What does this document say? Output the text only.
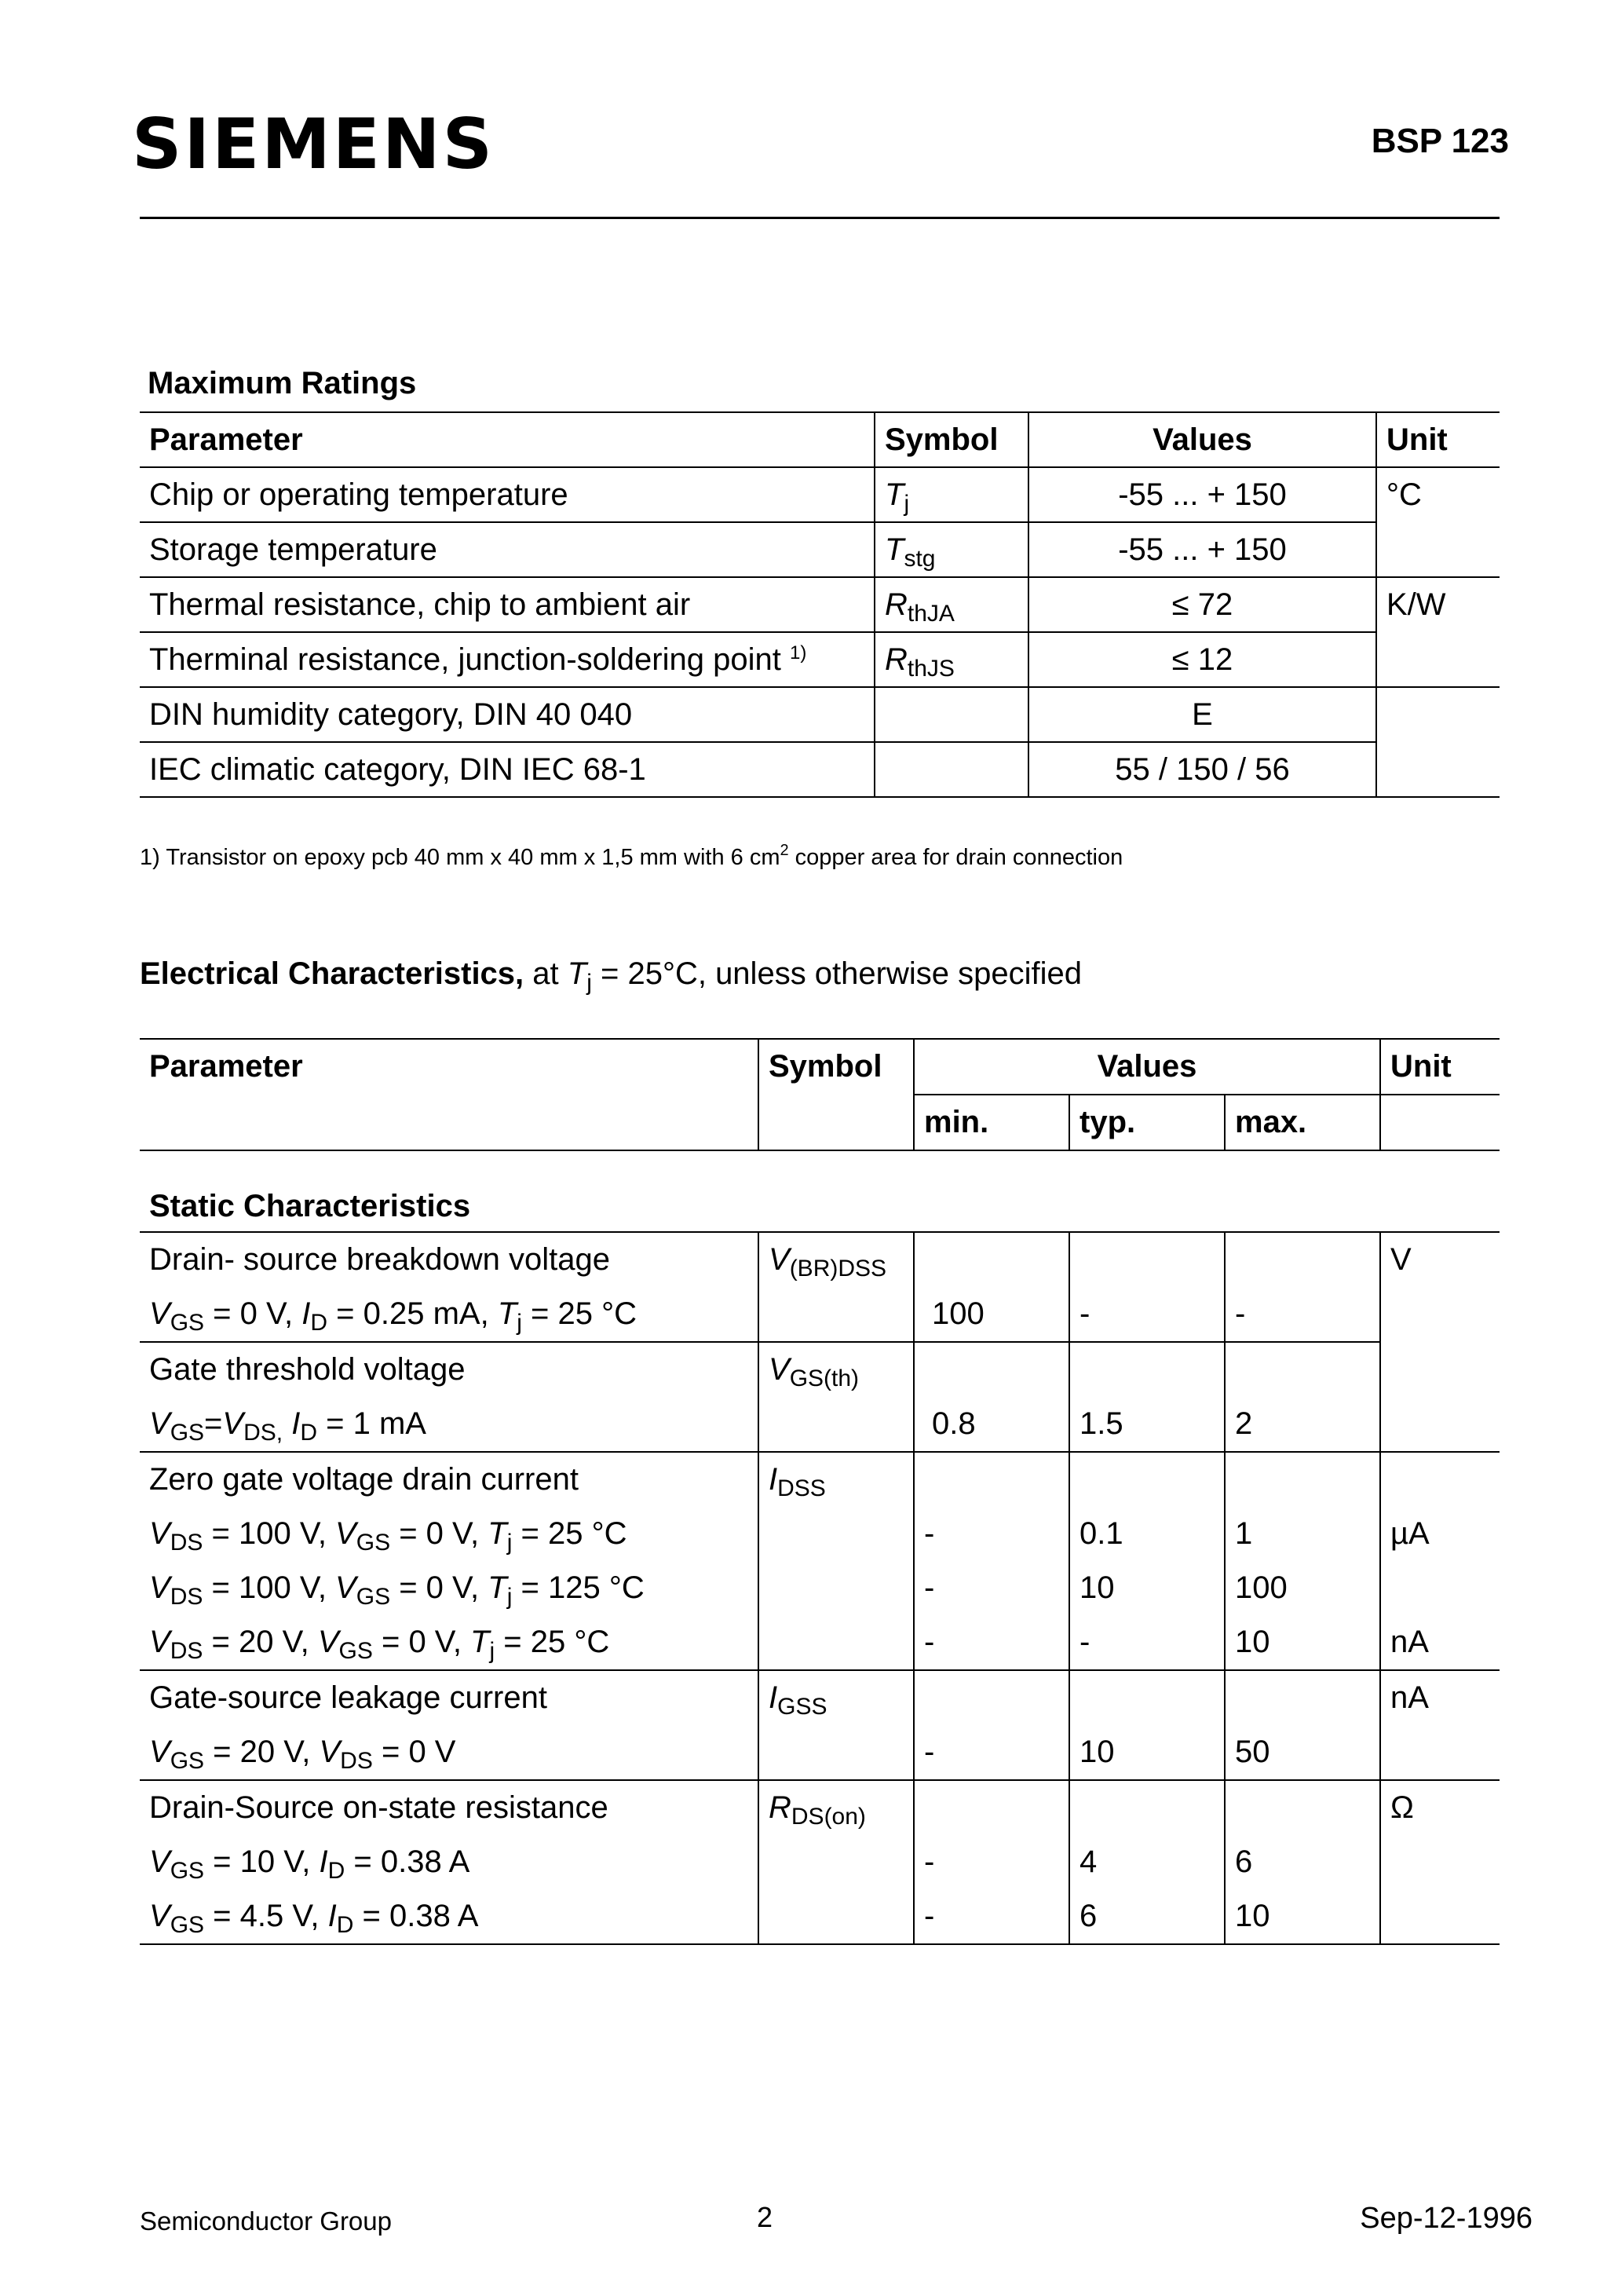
SIEMENS	BSP 123
Maximum Ratings
Parameter	Symbol	Values	Unit
Chip or operating temperature	$T_j$	-55 ... + 150	°C
Storage temperature	$T_{stg}$	-55 ... + 150	
Thermal resistance, chip to ambient air	$R_{thJA}$	≤ 72	K/W
Therminal resistance, junction-soldering point $^{1)}$	$R_{thJS}$	≤ 12	
DIN humidity category, DIN 40 040		E	
IEC climatic category, DIN IEC 68-1		55 / 150 / 56	
1) Transistor on epoxy pcb 40 mm x 40 mm x 1,5 mm with 6 $cm^2$ copper area for drain connection
Electrical Characteristics, at $T_j = 25^\circ C$, unless otherwise specified
Parameter	Symbol	Values			Unit
		min.	typ.	max.	
Static Characteristics					
Drain- source breakdown voltage	$V_{(BR)DSS}$				V
$V_{GS} = 0$ V, $I_D = 0.25$ mA, $T_j = 25$ °C		100	-	-	
Gate threshold voltage	$V_{GS(th)}$				
$V_{GS}=V_{DS,}$ $I_D = 1$ mA		0.8	1.5	2	
Zero gate voltage drain current	$I_{DSS}$				
$V_{DS} = 100$ V, $V_{GS} = 0$ V, $T_j = 25$ °C		-	0.1	1	µA
$V_{DS} = 100$ V, $V_{GS} = 0$ V, $T_j = 125$ °C		-	10	100	
$V_{DS} = 20$ V, $V_{GS} = 0$ V, $T_j = 25$ °C		-	-	10	nA
Gate-source leakage current	$I_{GSS}$				nA
$V_{GS} = 20$ V, $V_{DS} = 0$ V		-	10	50	
Drain-Source on-state resistance	$R_{DS(on)}$				Ω
$V_{GS} = 10$ V, $I_D = 0.38$ A		-	4	6	
$V_{GS} = 4.5$ V, $I_D = 0.38$ A		-	6	10	
Semiconductor Group	2	Sep-12-1996
